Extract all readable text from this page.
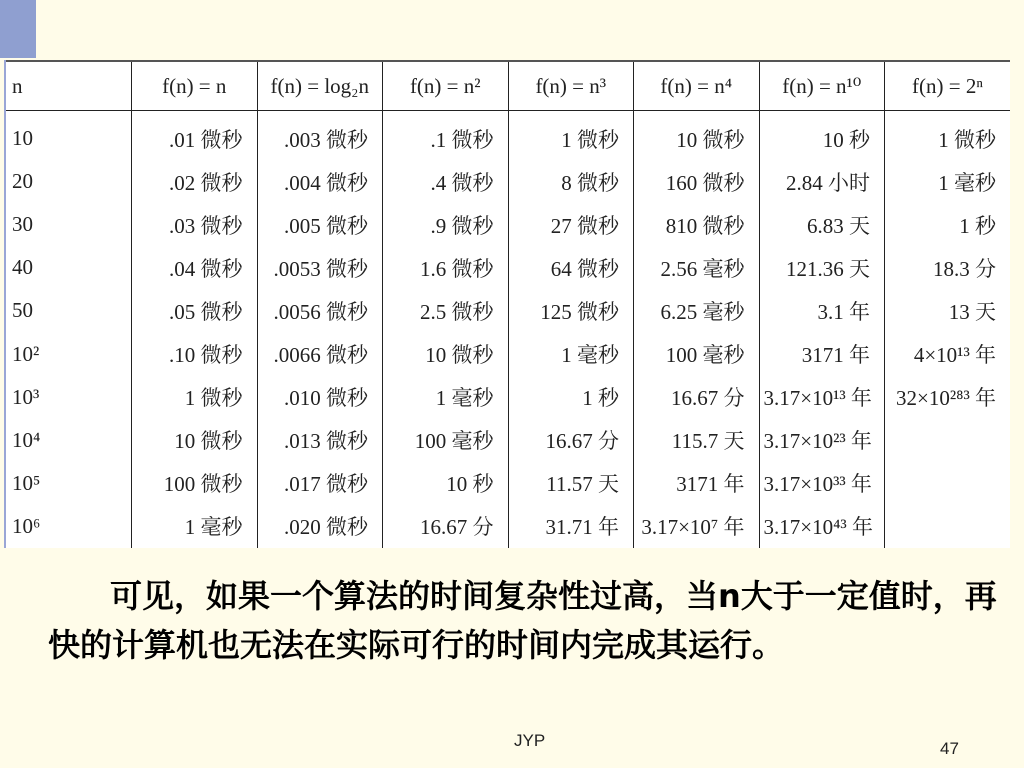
n	f(n) = n	f(n) = log₂n	f(n) = n²	f(n) = n³	f(n) = n⁴	f(n) = n¹⁰	f(n) = 2ⁿ
10	.01 微秒	.003 微秒	.1 微秒	1 微秒	10 微秒	10 秒	1 微秒
20	.02 微秒	.004 微秒	.4 微秒	8 微秒	160 微秒	2.84 小时	1 毫秒
30	.03 微秒	.005 微秒	.9 微秒	27 微秒	810 微秒	6.83 天	1 秒
40	.04 微秒	.0053 微秒	1.6 微秒	64 微秒	2.56 毫秒	121.36 天	18.3 分
50	.05 微秒	.0056 微秒	2.5 微秒	125 微秒	6.25 毫秒	3.1 年	13 天
10²	.10 微秒	.0066 微秒	10 微秒	1 毫秒	100 毫秒	3171 年	4×10¹³ 年
10³	1 微秒	.010 微秒	1 毫秒	1 秒	16.67 分	3.17×10¹³ 年	32×10²⁸³ 年
10⁴	10 微秒	.013 微秒	100 毫秒	16.67 分	115.7 天	3.17×10²³ 年	
10⁵	100 微秒	.017 微秒	10 秒	11.57 天	3171 年	3.17×10³³ 年	
10⁶	1 毫秒	.020 微秒	16.67 分	31.71 年	3.17×10⁷ 年	3.17×10⁴³ 年	
可见，如果一个算法的时间复杂性过高，当n大于一定值时，再快的计算机也无法在实际可行的时间内完成其运行。
JYP	47
